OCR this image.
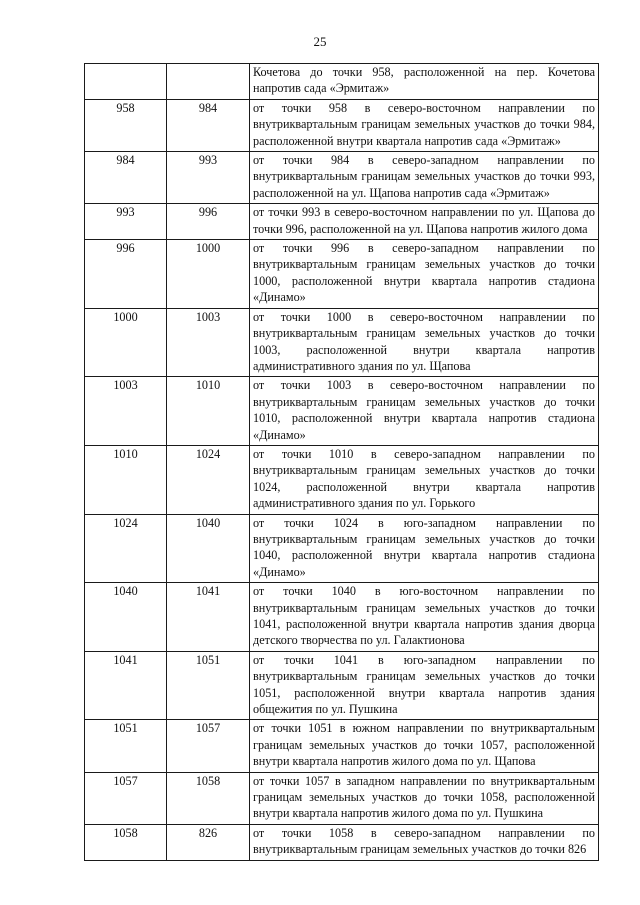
25
		Кочетова до точки 958, расположенной на пер. Кочетова напротив сада «Эрмитаж»
958	984	от точки 958 в северо-восточном направлении по внутриквартальным границам земельных участков до точки 984, расположенной внутри квартала напротив сада «Эрмитаж»
984	993	от точки 984 в северо-западном направлении по внутриквартальным границам земельных участков до точки 993, расположенной на ул. Щапова напротив сада «Эрмитаж»
993	996	от точки 993 в северо-восточном направлении по ул. Щапова до точки 996, расположенной на ул. Щапова напротив жилого дома
996	1000	от точки 996 в северо-западном направлении по внутриквартальным границам земельных участков до точки 1000, расположенной внутри квартала напротив стадиона «Динамо»
1000	1003	от точки 1000 в северо-восточном направлении по внутриквартальным границам земельных участков до точки 1003, расположенной внутри квартала напротив административного здания по ул. Щапова
1003	1010	от точки 1003 в северо-восточном направлении по внутриквартальным границам земельных участков до точки 1010, расположенной внутри квартала напротив стадиона «Динамо»
1010	1024	от точки 1010 в северо-западном направлении по внутриквартальным границам земельных участков до точки 1024, расположенной внутри квартала напротив административного здания по ул. Горького
1024	1040	от точки 1024 в юго-западном направлении по внутриквартальным границам земельных участков до точки 1040, расположенной внутри квартала напротив стадиона «Динамо»
1040	1041	от точки 1040 в юго-восточном направлении по внутриквартальным границам земельных участков до точки 1041, расположенной внутри квартала напротив здания дворца детского творчества по ул. Галактионова
1041	1051	от точки 1041 в юго-западном направлении по внутриквартальным границам земельных участков до точки 1051, расположенной внутри квартала напротив здания общежития по ул. Пушкина
1051	1057	от точки 1051 в южном направлении по внутриквартальным границам земельных участков до точки 1057, расположенной внутри квартала напротив жилого дома по ул. Щапова
1057	1058	от точки 1057 в западном направлении по внутриквартальным границам земельных участков до точки 1058, расположенной внутри квартала напротив жилого дома по ул. Пушкина
1058	826	от точки 1058 в северо-западном направлении по внутриквартальным границам земельных участков до точки 826
